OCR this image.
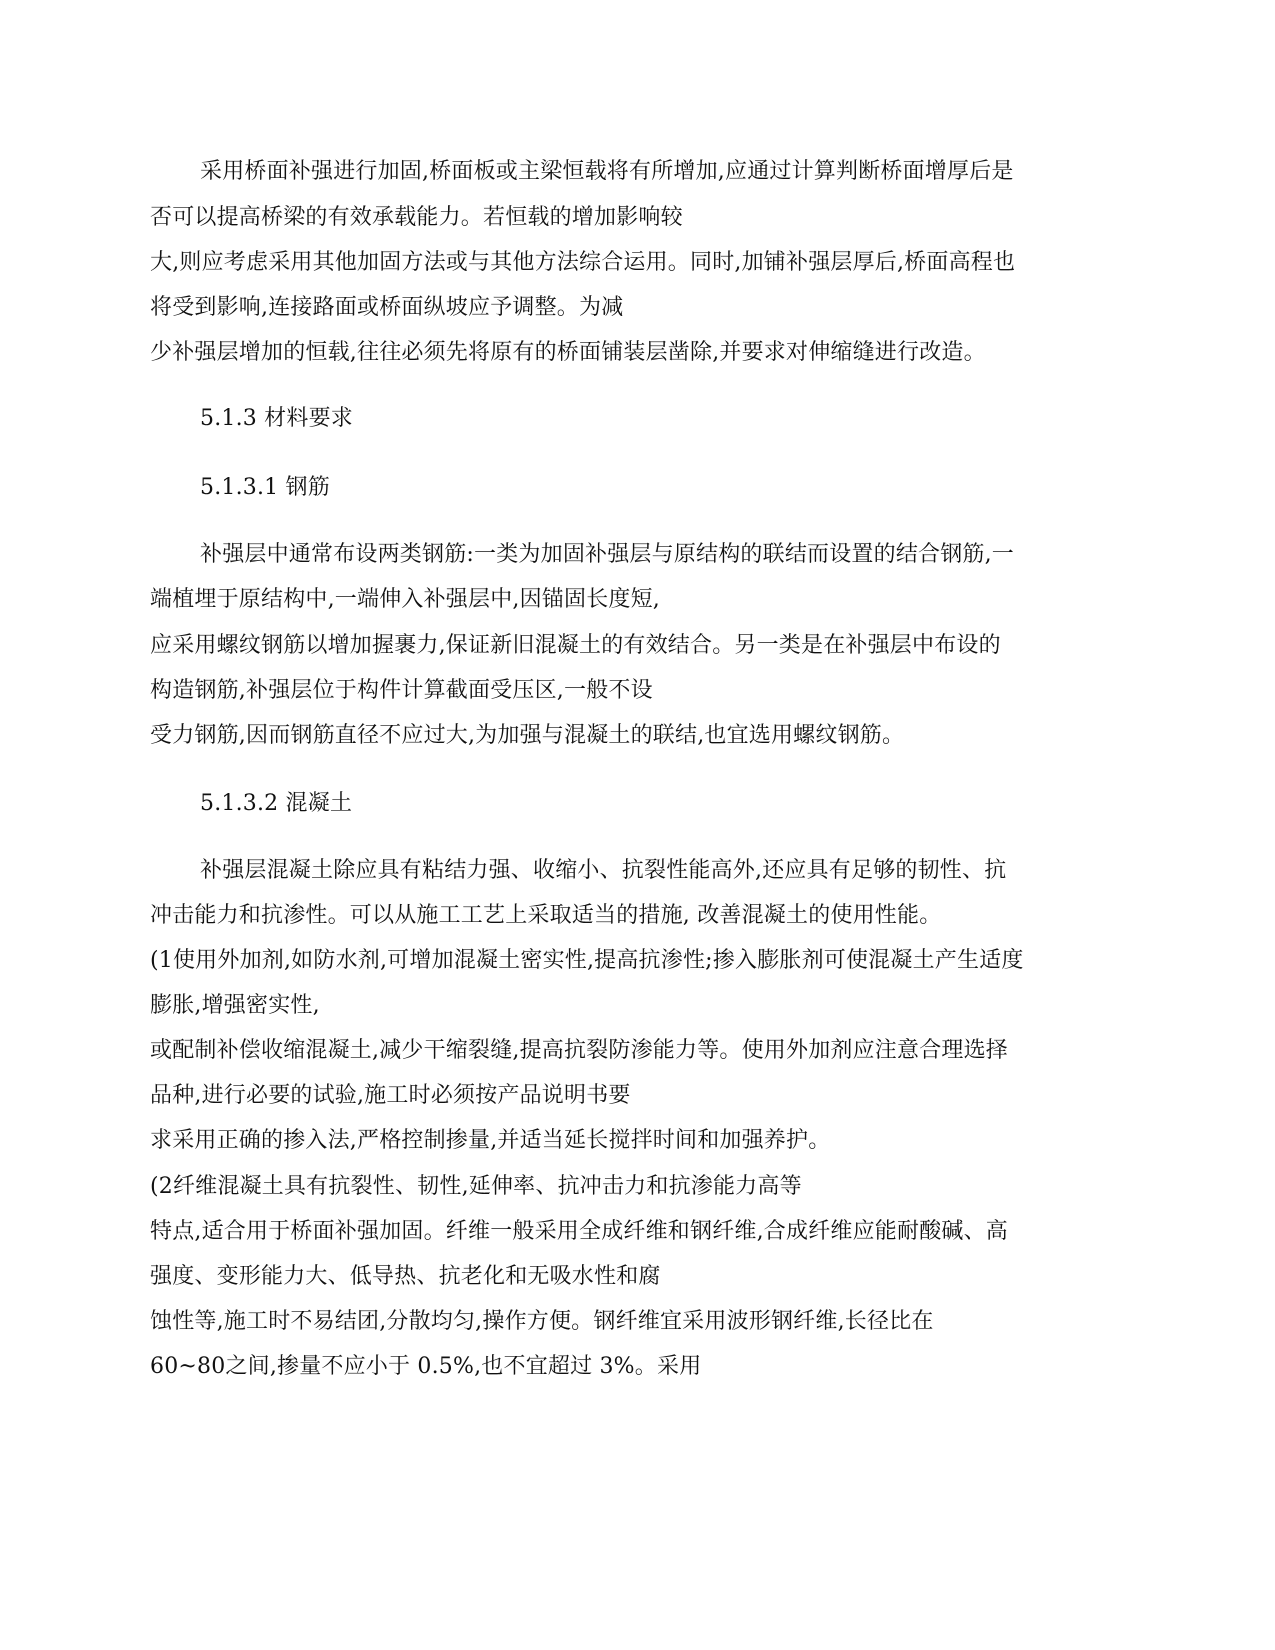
采用桥面补强进行加固,桥面板或主梁恒载将有所增加,应通过计算判断桥面增厚后是
否可以提高桥梁的有效承载能力。若恒载的增加影响较
大,则应考虑采用其他加固方法或与其他方法综合运用。同时,加铺补强层厚后,桥面高程也
将受到影响,连接路面或桥面纵坡应予调整。为减
少补强层增加的恒载,往往必须先将原有的桥面铺装层凿除,并要求对伸缩缝进行改造。
5.1.3 材料要求
5.1.3.1 钢筋
补强层中通常布设两类钢筋:一类为加固补强层与原结构的联结而设置的结合钢筋,一
端植埋于原结构中,一端伸入补强层中,因锚固长度短,
应采用螺纹钢筋以增加握裹力,保证新旧混凝土的有效结合。另一类是在补强层中布设的
构造钢筋,补强层位于构件计算截面受压区,一般不设
受力钢筋,因而钢筋直径不应过大,为加强与混凝土的联结,也宜选用螺纹钢筋。
5.1.3.2 混凝土
补强层混凝土除应具有粘结力强、收缩小、抗裂性能高外,还应具有足够的韧性、抗
冲击能力和抗渗性。可以从施工工艺上采取适当的措施, 改善混凝土的使用性能。
(1使用外加剂,如防水剂,可增加混凝土密实性,提高抗渗性;掺入膨胀剂可使混凝土产生适度
膨胀,增强密实性,
或配制补偿收缩混凝土,减少干缩裂缝,提高抗裂防渗能力等。使用外加剂应注意合理选择
品种,进行必要的试验,施工时必须按产品说明书要
求采用正确的掺入法,严格控制掺量,并适当延长搅拌时间和加强养护。
(2纤维混凝土具有抗裂性、韧性,延伸率、抗冲击力和抗渗能力高等
特点,适合用于桥面补强加固。纤维一般采用全成纤维和钢纤维,合成纤维应能耐酸碱、高
强度、变形能力大、低导热、抗老化和无吸水性和腐
蚀性等,施工时不易结团,分散均匀,操作方便。钢纤维宜采用波形钢纤维,长径比在
60~80之间,掺量不应小于 0.5%,也不宜超过 3%。采用
